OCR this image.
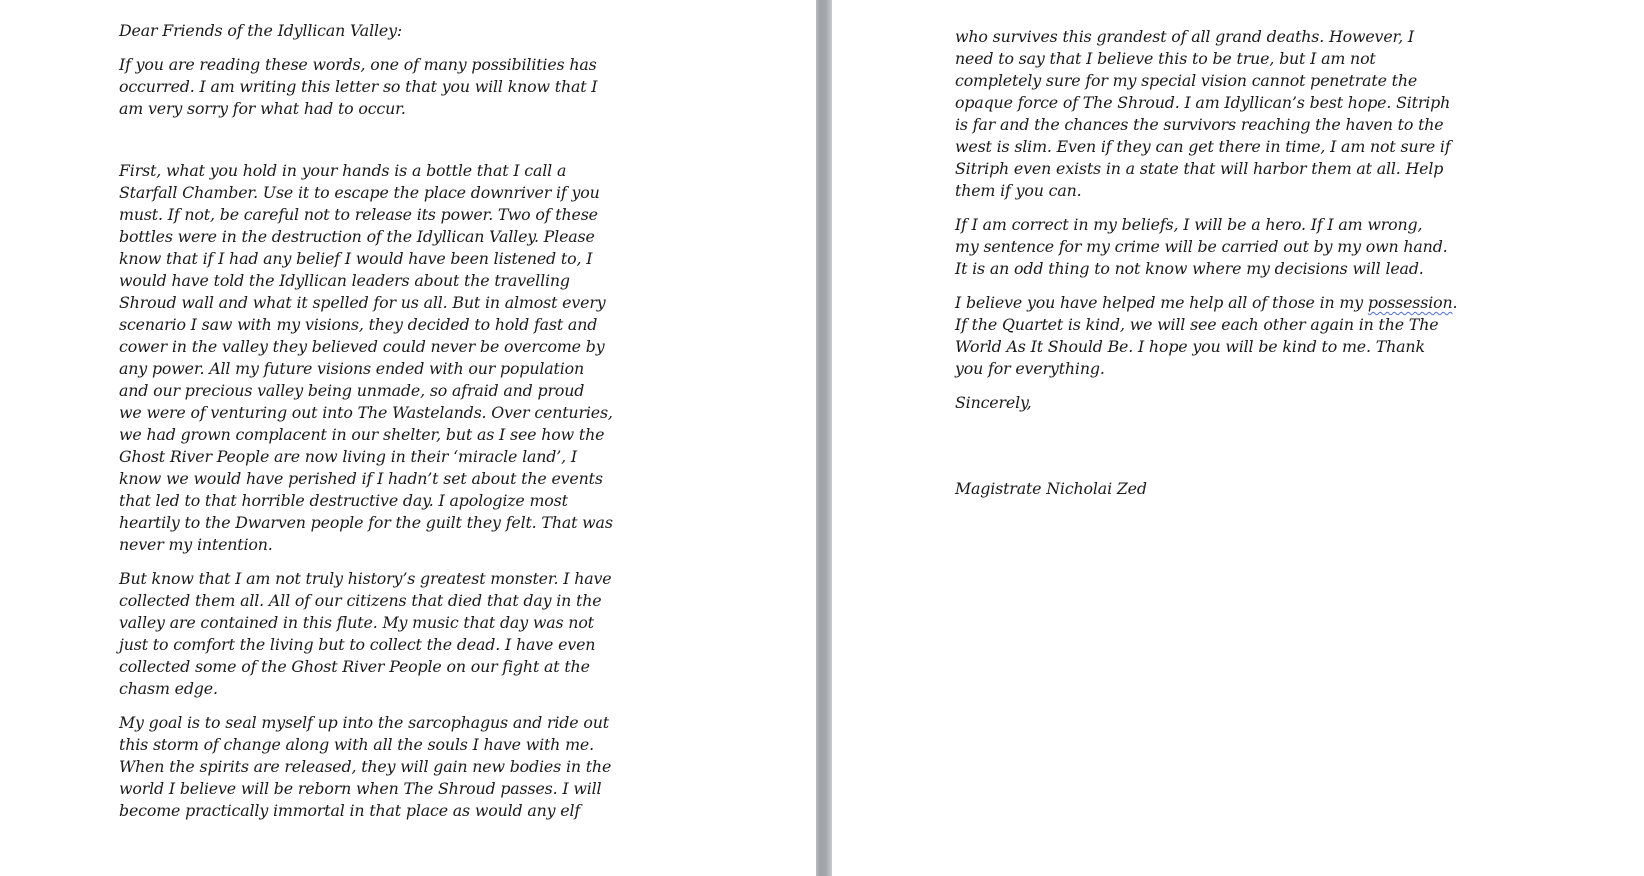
Dear Friends of the Idyllican Valley:
If you are reading these words, one of many possibilities has
occurred. I am writing this letter so that you will know that I
am very sorry for what had to occur.
First, what you hold in your hands is a bottle that I call a
Starfall Chamber. Use it to escape the place downriver if you
must. If not, be careful not to release its power. Two of these
bottles were in the destruction of the Idyllican Valley. Please
know that if I had any belief I would have been listened to, I
would have told the Idyllican leaders about the travelling
Shroud wall and what it spelled for us all. But in almost every
scenario I saw with my visions, they decided to hold fast and
cower in the valley they believed could never be overcome by
any power. All my future visions ended with our population
and our precious valley being unmade, so afraid and proud
we were of venturing out into The Wastelands. Over centuries,
we had grown complacent in our shelter, but as I see how the
Ghost River People are now living in their ‘miracle land’, I
know we would have perished if I hadn’t set about the events
that led to that horrible destructive day. I apologize most
heartily to the Dwarven people for the guilt they felt. That was
never my intention.
But know that I am not truly history’s greatest monster. I have
collected them all. All of our citizens that died that day in the
valley are contained in this flute. My music that day was not
just to comfort the living but to collect the dead. I have even
collected some of the Ghost River People on our fight at the
chasm edge.
My goal is to seal myself up into the sarcophagus and ride out
this storm of change along with all the souls I have with me.
When the spirits are released, they will gain new bodies in the
world I believe will be reborn when The Shroud passes. I will
become practically immortal in that place as would any elf
who survives this grandest of all grand deaths. However, I
need to say that I believe this to be true, but I am not
completely sure for my special vision cannot penetrate the
opaque force of The Shroud. I am Idyllican’s best hope. Sitriph
is far and the chances the survivors reaching the haven to the
west is slim. Even if they can get there in time, I am not sure if
Sitriph even exists in a state that will harbor them at all. Help
them if you can.
If I am correct in my beliefs, I will be a hero. If I am wrong,
my sentence for my crime will be carried out by my own hand.
It is an odd thing to not know where my decisions will lead.
I believe you have helped me help all of those in my possession.
If the Quartet is kind, we will see each other again in the The
World As It Should Be. I hope you will be kind to me. Thank
you for everything.
Sincerely,
Magistrate Nicholai Zed
